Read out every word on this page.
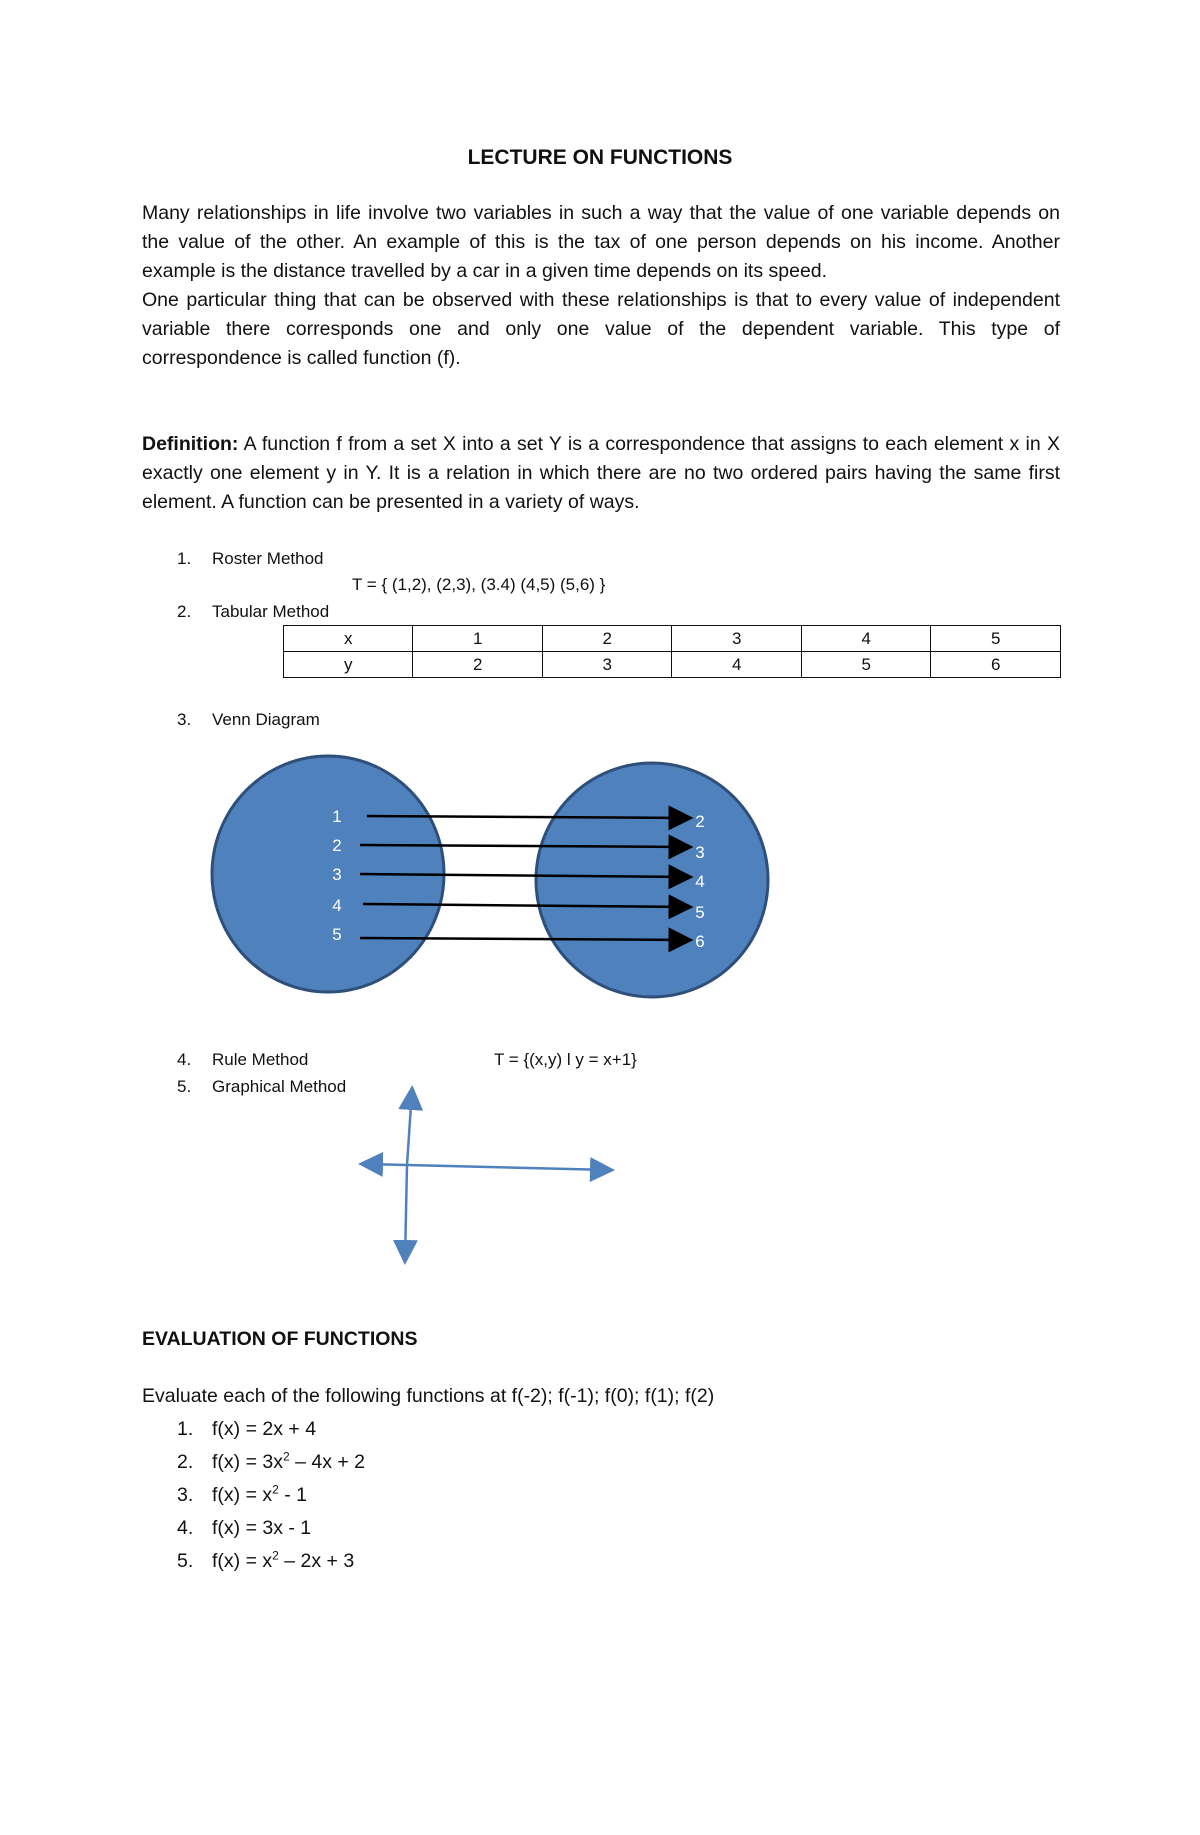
LECTURE ON FUNCTIONS

Many relationships in life involve two variables in such a way that the value of one variable depends on the value of the other. An example of this is the tax of one person depends on his income. Another example is the distance travelled by a car in a given time depends on its speed.

One particular thing that can be observed with these relationships is that to every value of independent variable there corresponds one and only one value of the dependent variable. This type of correspondence is called function (f).

Definition: A function f from a set X into a set Y is a correspondence that assigns to each element x in X exactly one element y in Y. It is a relation in which there are no two ordered pairs having the same first element. A function can be presented in a variety of ways.

1. Roster Method
T = { (1,2), (2,3), (3.4) (4,5) (5,6) }
2. Tabular Method
x	1	2	3	4	5
y	2	3	4	5	6
3. Venn Diagram
1
2
3
4
5
2
3
4
5
6
4. Rule Method	T = {(x,y) l y = x+1}
5. Graphical Method
EVALUATION OF FUNCTIONS
Evaluate each of the following functions at f(-2); f(-1); f(0); f(1); f(2)
1. f(x) = 2x + 4
2. $f(x) = 3x^2 - 4x + 2$
3. $f(x) = x^2 - 1$
4. f(x) = 3x - 1
5. $f(x) = x^2 - 2x + 3$
